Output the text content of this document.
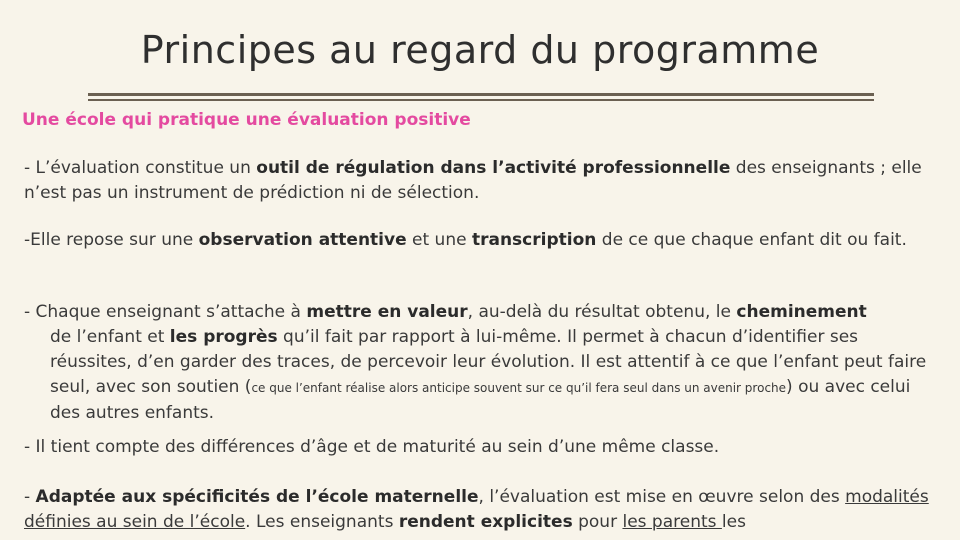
Principes au regard du programme
Une école qui pratique une évaluation positive
- L’évaluation constitue un outil de régulation dans l’activité professionnelle des enseignants ; elle n’est pas un instrument de prédiction ni de sélection.
-Elle repose sur une observation attentive et une transcription de ce que chaque enfant dit ou fait.
- Chaque enseignant s’attache à mettre en valeur, au-delà du résultat obtenu, le cheminement
de l’enfant et les progrès qu’il fait par rapport à lui-même. Il permet à chacun d’identifier ses réussites, d’en garder des traces, de percevoir leur évolution. Il est attentif à ce que l’enfant peut faire seul, avec son soutien (ce que l’enfant réalise alors anticipe souvent sur ce qu’il fera seul dans un avenir proche) ou avec celui des autres enfants.
- Il tient compte des différences d’âge et de maturité au sein d’une même classe.
- Adaptée aux spécificités de l’école maternelle, l’évaluation est mise en œuvre selon des modalités définies au sein de l’école. Les enseignants rendent explicites pour les parents les
